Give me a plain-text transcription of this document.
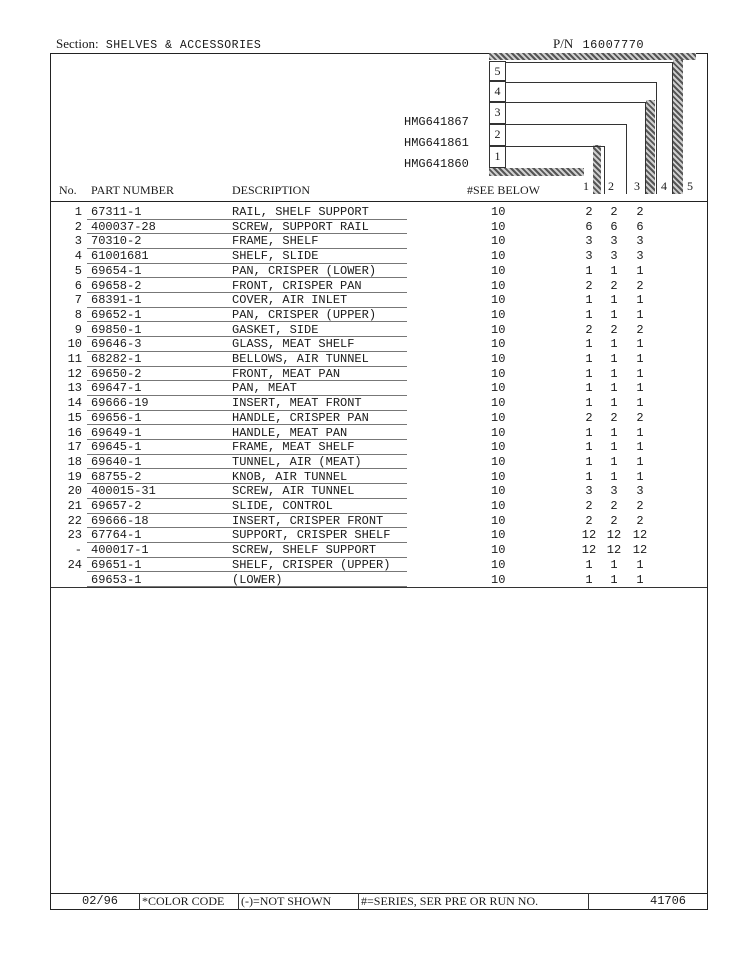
Section: SHELVES & ACCESSORIES	P/N 16007770
5
4
3
2
1
HMG641867
HMG641861
HMG641860
No. PART NUMBER	DESCRIPTION	#SEE BELOW	1 2 3 4 5
1 67311-1	RAIL, SHELF SUPPORT	10	2	2	2
2 400037-28	SCREW, SUPPORT RAIL	10	6	6	6
3 70310-2	FRAME, SHELF	10	3	3	3
4 61001681	SHELF, SLIDE	10	3	3	3
5 69654-1	PAN, CRISPER (LOWER)	10	1	1	1
6 69658-2	FRONT, CRISPER PAN	10	2	2	2
7 68391-1	COVER, AIR INLET	10	1	1	1
8 69652-1	PAN, CRISPER (UPPER)	10	1	1	1
9 69850-1	GASKET, SIDE	10	2	2	2
10 69646-3	GLASS, MEAT SHELF	10	1	1	1
11 68282-1	BELLOWS, AIR TUNNEL	10	1	1	1
12 69650-2	FRONT, MEAT PAN	10	1	1	1
13 69647-1	PAN, MEAT	10	1	1	1
14 69666-19	INSERT, MEAT FRONT	10	1	1	1
15 69656-1	HANDLE, CRISPER PAN	10	2	2	2
16 69649-1	HANDLE, MEAT PAN	10	1	1	1
17 69645-1	FRAME, MEAT SHELF	10	1	1	1
18 69640-1	TUNNEL, AIR (MEAT)	10	1	1	1
19 68755-2	KNOB, AIR TUNNEL	10	1	1	1
20 400015-31	SCREW, AIR TUNNEL	10	3	3	3
21 69657-2	SLIDE, CONTROL	10	2	2	2
22 69666-18	INSERT, CRISPER FRONT	10	2	2	2
23 67764-1	SUPPORT, CRISPER SHELF	10	12 12 12
- 400017-1	SCREW, SHELF SUPPORT	10	12 12 12
24 69651-1	SHELF, CRISPER (UPPER)	10	1	1	1
69653-1	(LOWER)	10	1	1	1
02/96 *COLOR CODE (-)=NOT SHOWN #=SERIES, SER PRE OR RUN NO.	41706
